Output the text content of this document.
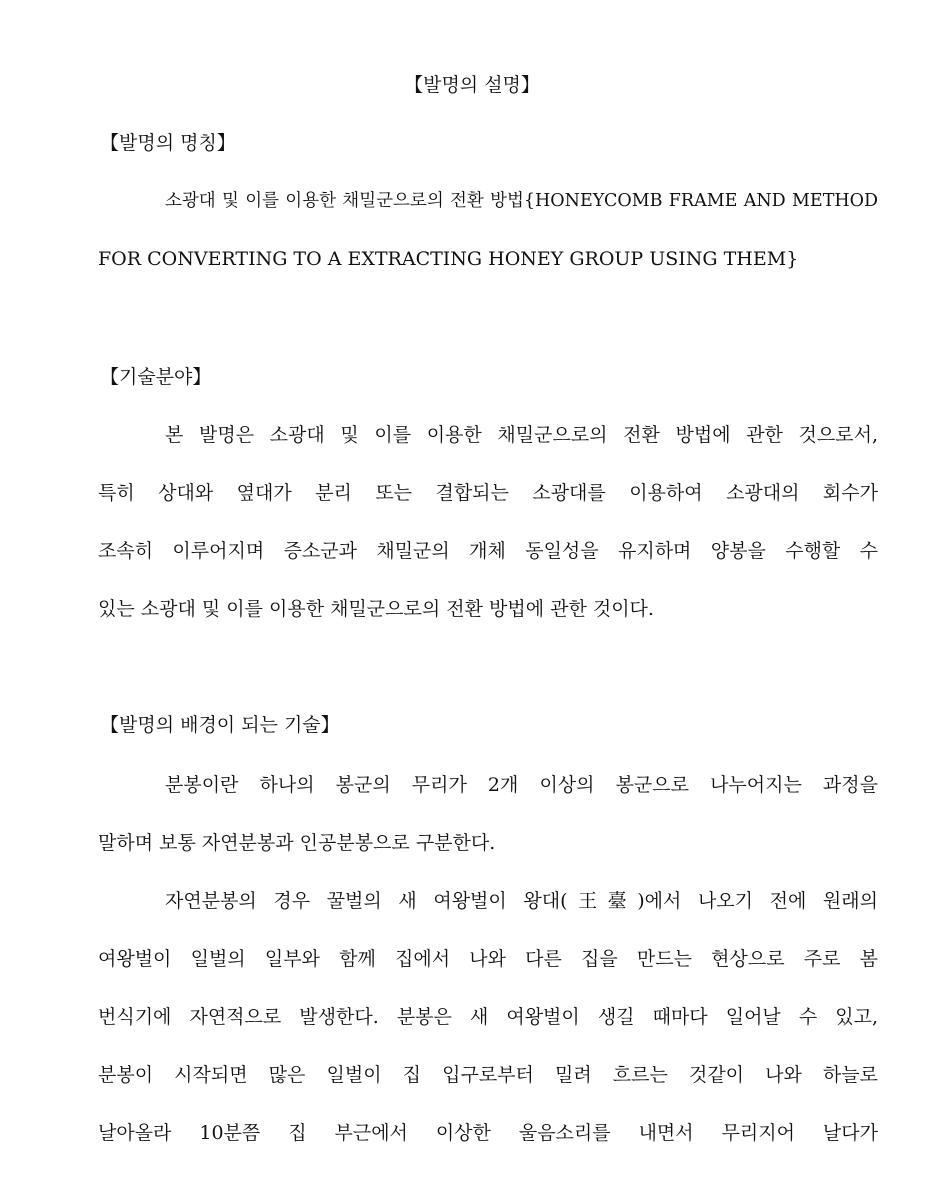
【발명의 설명】
【발명의 명칭】
소광대 및 이를 이용한 채밀군으로의 전환 방법{HONEYCOMB FRAME AND METHOD
FOR CONVERTING TO A EXTRACTING HONEY GROUP USING THEM}
【기술분야】
본 발명은 소광대 및 이를 이용한 채밀군으로의 전환 방법에 관한 것으로서,
특히 상대와 옆대가 분리 또는 결합되는 소광대를 이용하여 소광대의 회수가
조속히 이루어지며 증소군과 채밀군의 개체 동일성을 유지하며 양봉을 수행할 수
있는 소광대 및 이를 이용한 채밀군으로의 전환 방법에 관한 것이다.
【발명의 배경이 되는 기술】
분봉이란 하나의 봉군의 무리가 2개 이상의 봉군으로 나누어지는 과정을
말하며 보통 자연분봉과 인공분봉으로 구분한다.
자연분봉의 경우 꿀벌의 새 여왕벌이 왕대(王臺)에서 나오기 전에 원래의
여왕벌이 일벌의 일부와 함께 집에서 나와 다른 집을 만드는 현상으로 주로 봄
번식기에 자연적으로 발생한다. 분봉은 새 여왕벌이 생길 때마다 일어날 수 있고,
분봉이 시작되면 많은 일벌이 집 입구로부터 밀려 흐르는 것같이 나와 하늘로
날아올라 10분쯤 집 부근에서 이상한 울음소리를 내면서 무리지어 날다가
